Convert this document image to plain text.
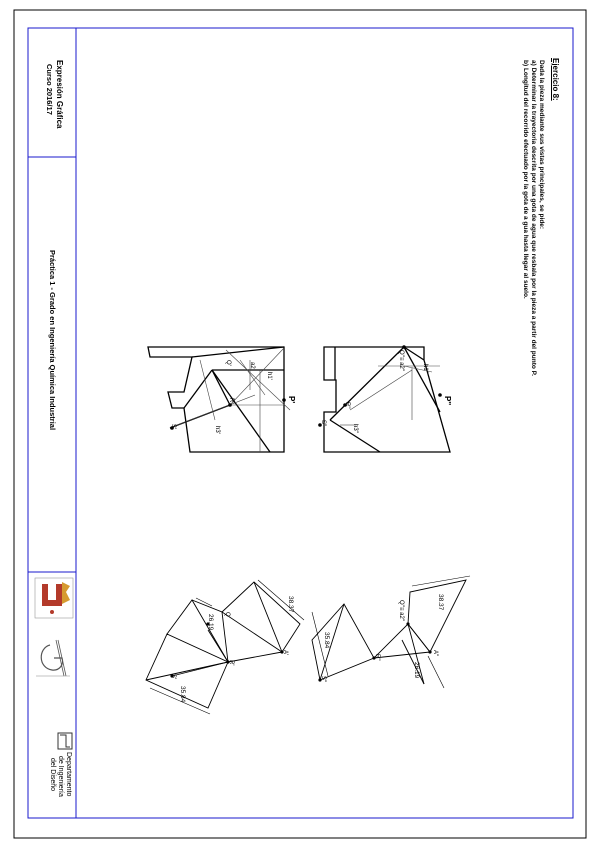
Expresión Gráfica
Curso 2016/17
Práctica 1 - Grado en Ingeniería Química Industrial
Ejercicio 8:
Dada la pieza mediante sus vistas principales, se pide:
a) Determinar la trayectoria descrita por una gota de agua que resbala por la pieza a partir del punto P.
b) Longitud del recorrido efectuado por la gota de a gua hasta llegar al suelo.
P'
Q'	a2
h1'
R'
S'	h3'
P''
Q''≡ a2''	h1''
R''
S''
h3''
35.84
26.19
38.37
S'
R'
Q'
A'
35.84
26.19
38.37
S''
R''
Q''≡ a2''
A''
Departamento
de Ingeniería
del Diseño
